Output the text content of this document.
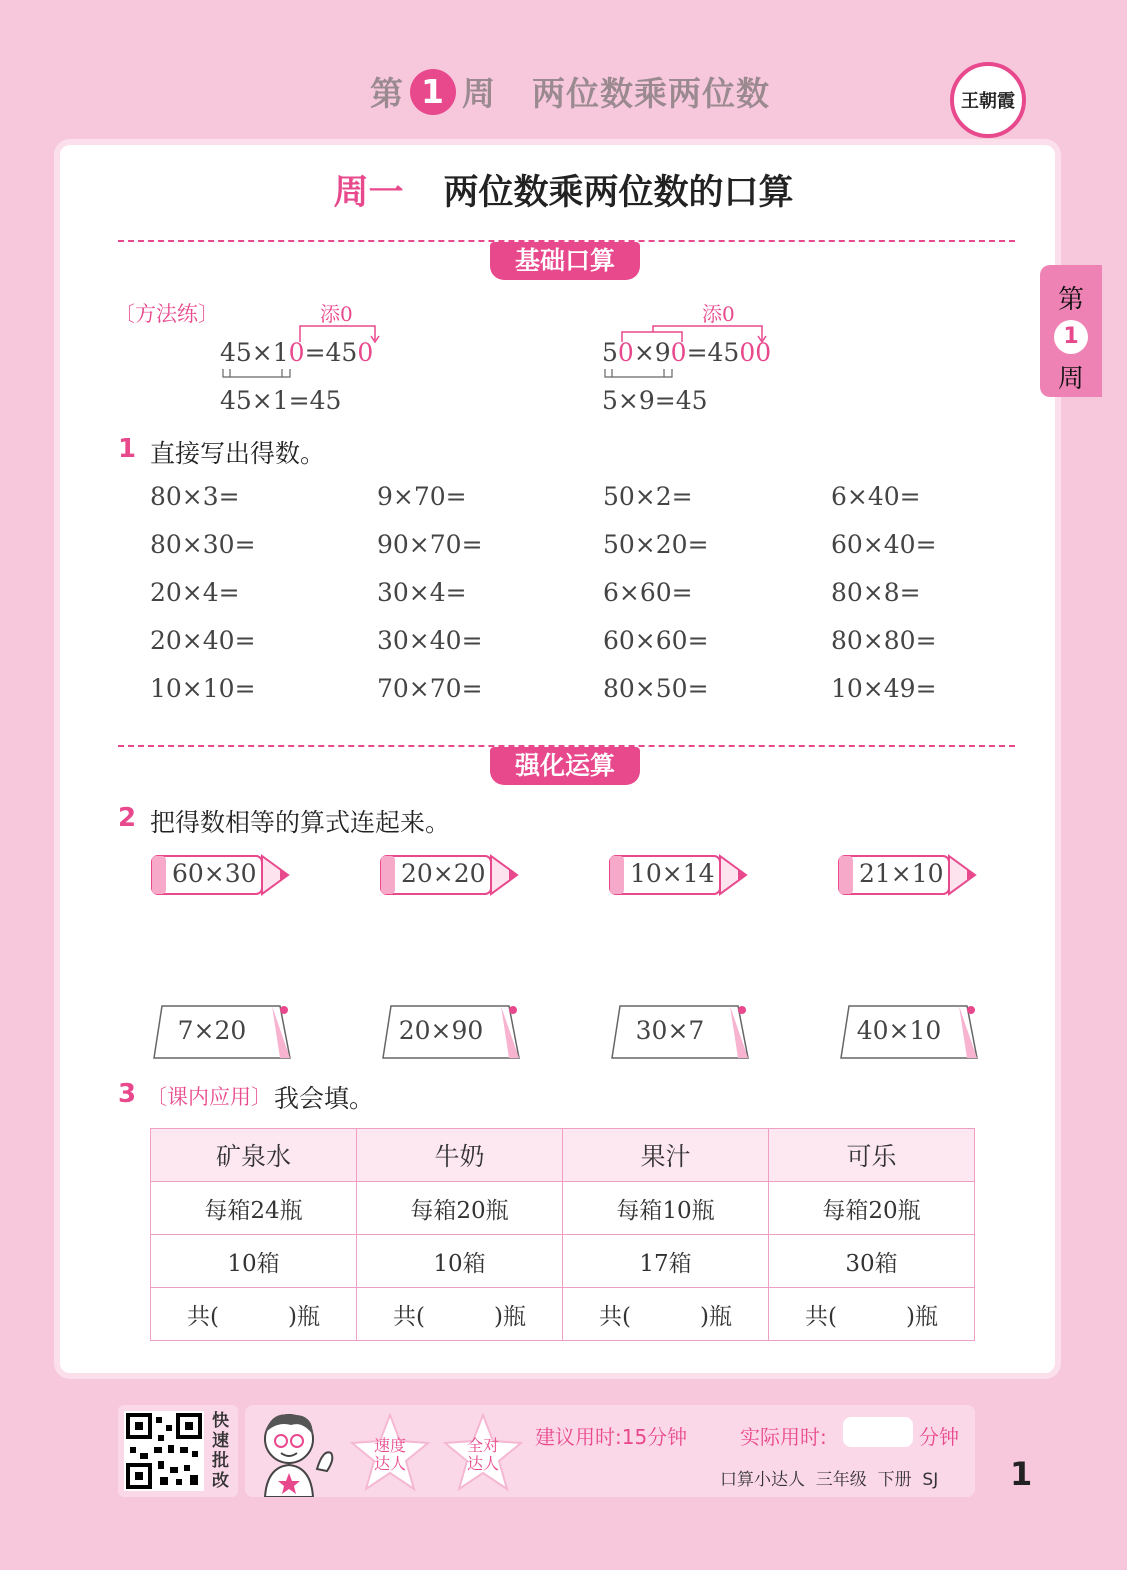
第 1 周 两位数乘两位数	王朝霞
第
1
周
周一 两位数乘两位数的口算
基础口算
〔方法练〕	添0
45×10=450
45×1=45
添0
50×90=4500
5×9=45
1 直接写出得数。
80×3=	9×70=	50×2=	6×40=
80×30=	90×70=	50×20=	60×40=
20×4=	30×4=	6×60=	80×8=
20×40=	30×40=	60×60=	80×80=
10×10=	70×70=	80×50=	10×49=
强化运算
2 把得数相等的算式连起来。
60×30	20×20	10×14	21×10
7×20	20×90	30×7	40×10
3 〔课内应用〕 我会填。
矿泉水	牛奶	果汁	可乐
每箱24瓶	每箱20瓶	每箱10瓶	每箱20瓶
10箱	10箱	17箱	30箱
共(　　　)瓶	共(　　　)瓶	共(　　　)瓶	共(　　　)瓶
快速批改
速度达人
全对达人
建议用时:15分钟	实际用时:	分钟
口算小达人  三年级  下册  SJ 1
